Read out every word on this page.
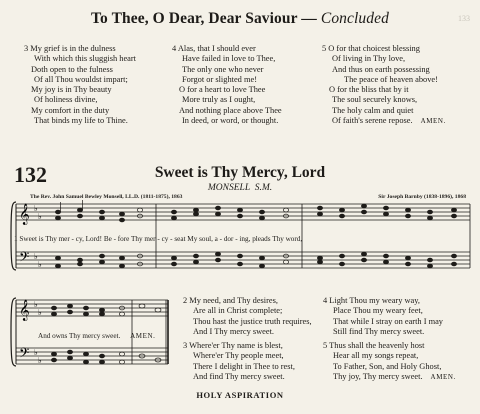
To Thee, O Dear, Dear Saviour — Concluded	133
3 My grief is in the dulness
With which this sluggish heart
Doth open to the fulness
Of all Thou wouldst impart;
My joy is in Thy beauty
Of holiness divine,
My comfort in the duty
That binds my life to Thine.
4 Alas, that I should ever
Have failed in love to Thee,
The only one who never
Forgot or slighted me!
O for a heart to love Thee
More truly as I ought,
And nothing place above Thee
In deed, or word, or thought.
5 O for that choicest blessing
Of living in Thy love,
And thus on earth possessing
The peace of heaven above!
O for the bliss that by it
The soul securely knows,
The holy calm and quiet
Of faith's serene repose. AMEN.
132	Sweet is Thy Mercy, Lord
MONSELL S.M.
The Rev. John Samuel Bewley Monsell, LL.D. (1811-1875), 1863	Sir Joseph Barnby (1838-1896), 1868
𝄞
𝄢
♭
♭
♭
♭
1 Sweet is Thy mer - cy, Lord! Be - fore Thy mer - cy - seat My soul, a - dor - ing, pleads Thy word,
𝄞
𝄢
♭
♭
♭
♭
And owns Thy mercy sweet. AMEN.
2 My need, and Thy desires,
Are all in Christ complete;
Thou hast the justice truth requires,
And I Thy mercy sweet.
3 Where'er Thy name is blest,
Where'er Thy people meet,
There I delight in Thee to rest,
And find Thy mercy sweet.
4 Light Thou my weary way,
Place Thou my weary feet,
That while I stray on earth I may
Still find Thy mercy sweet.
5 Thus shall the heavenly host
Hear all my songs repeat,
To Father, Son, and Holy Ghost,
Thy joy, Thy mercy sweet. AMEN.
HOLY ASPIRATION
